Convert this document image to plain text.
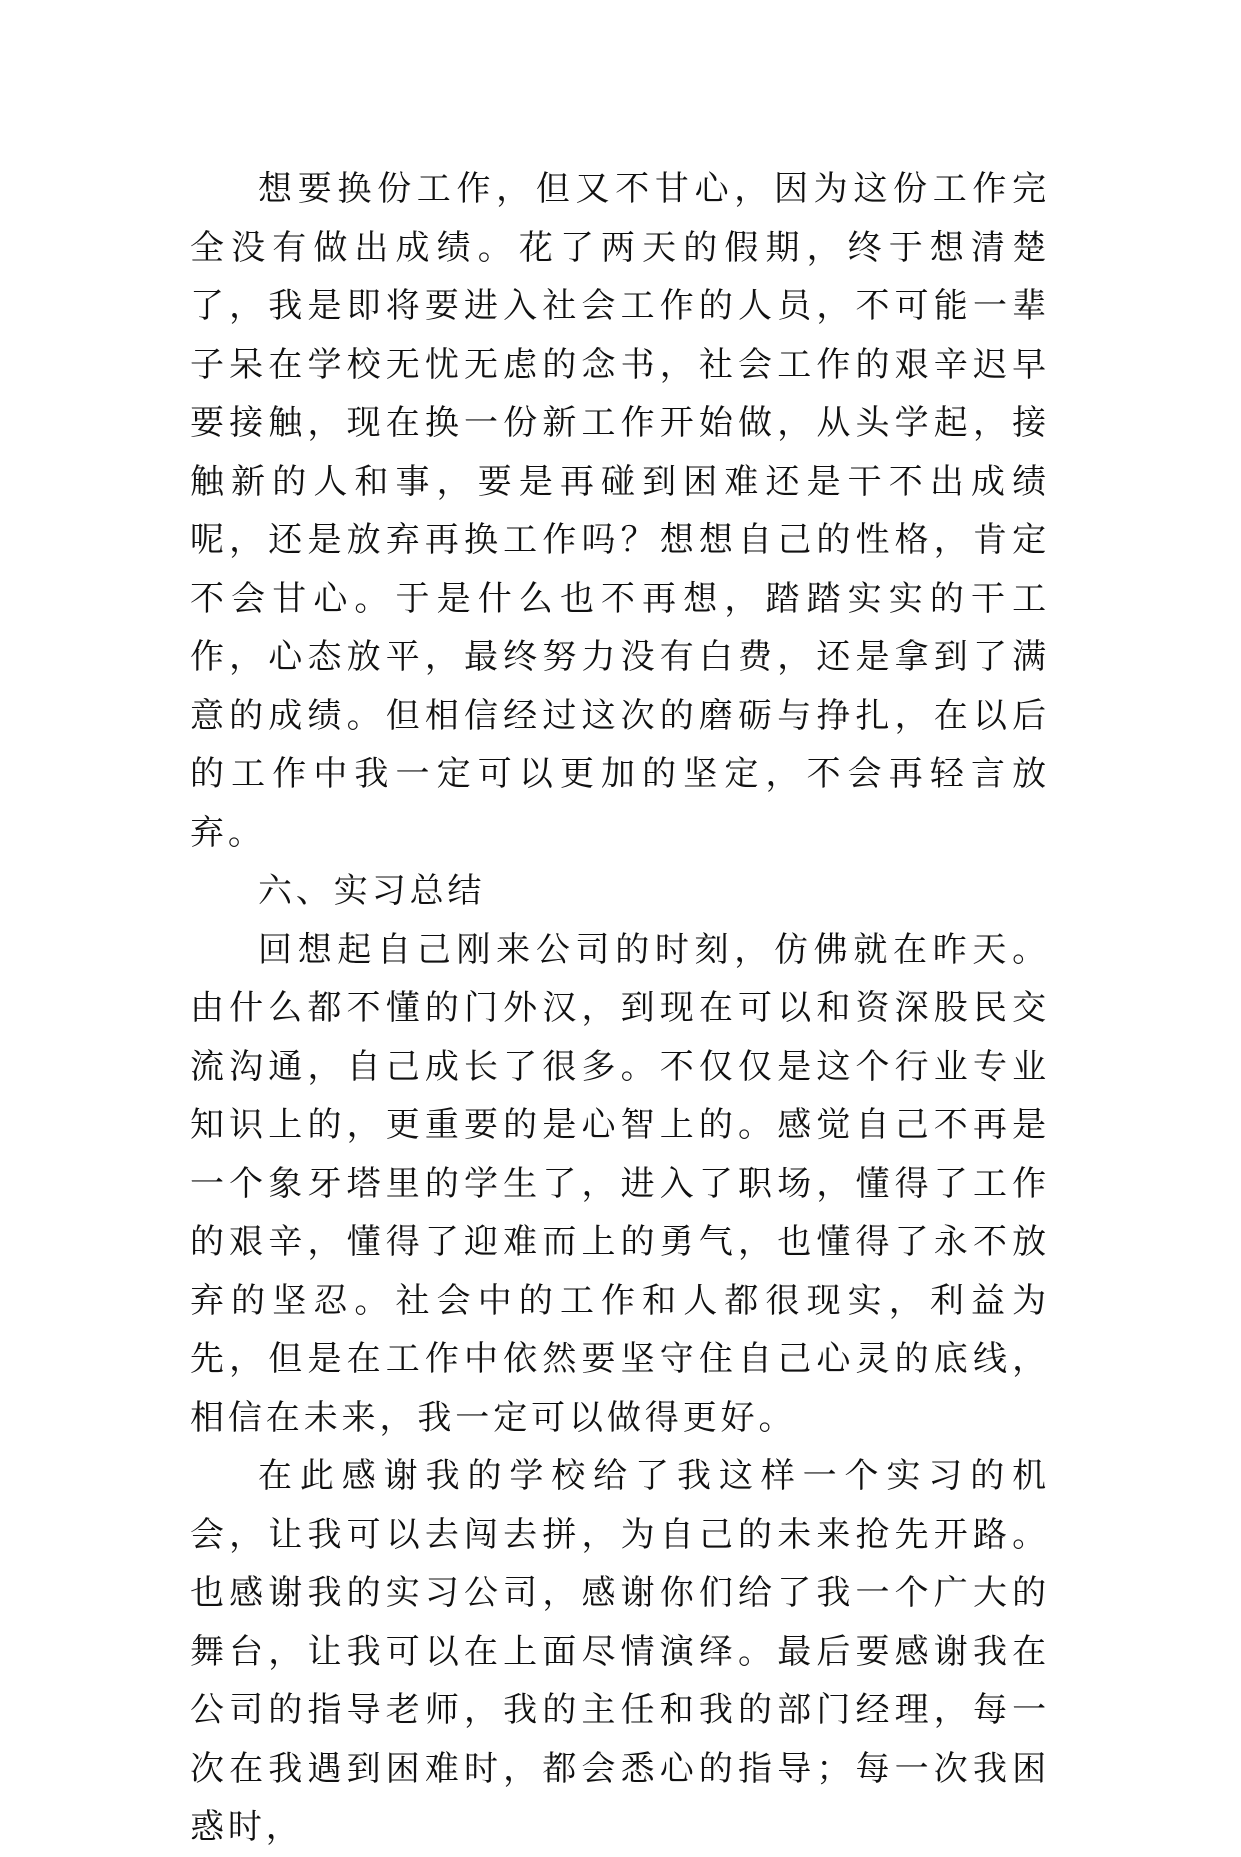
想要换份工作，但又不甘心，因为这份工作完全没有做出成绩。花了两天的假期，终于想清楚了，我是即将要进入社会工作的人员，不可能一辈子呆在学校无忧无虑的念书，社会工作的艰辛迟早要接触，现在换一份新工作开始做，从头学起，接触新的人和事，要是再碰到困难还是干不出成绩呢，还是放弃再换工作吗？想想自己的性格，肯定不会甘心。于是什么也不再想，踏踏实实的干工作，心态放平，最终努力没有白费，还是拿到了满意的成绩。但相信经过这次的磨砺与挣扎，在以后的工作中我一定可以更加的坚定，不会再轻言放弃。

六、实习总结

回想起自己刚来公司的时刻，仿佛就在昨天。由什么都不懂的门外汉，到现在可以和资深股民交流沟通，自己成长了很多。不仅仅是这个行业专业知识上的，更重要的是心智上的。感觉自己不再是一个象牙塔里的学生了，进入了职场，懂得了工作的艰辛，懂得了迎难而上的勇气，也懂得了永不放弃的坚忍。社会中的工作和人都很现实，利益为先，但是在工作中依然要坚守住自己心灵的底线，相信在未来，我一定可以做得更好。

在此感谢我的学校给了我这样一个实习的机会，让我可以去闯去拼，为自己的未来抢先开路。也感谢我的实习公司，感谢你们给了我一个广大的舞台，让我可以在上面尽情演绎。最后要感谢我在公司的指导老师，我的主任和我的部门经理，每一次在我遇到困难时，都会悉心的指导；每一次我困惑时，
